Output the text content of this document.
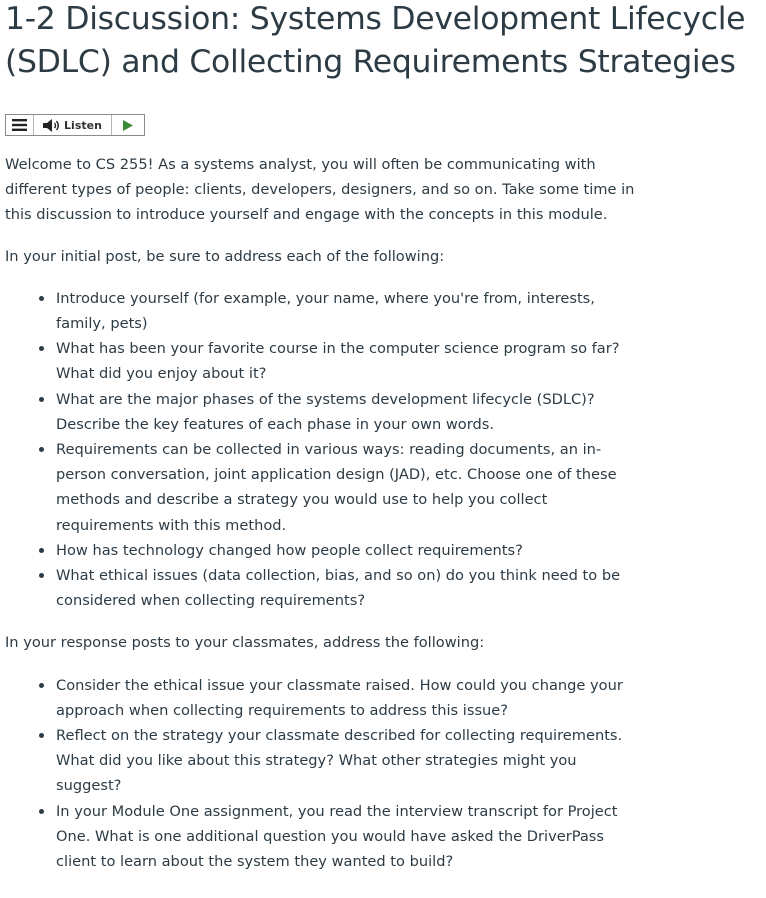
1-2 Discussion: Systems Development Lifecycle (SDLC) and Collecting Requirements Strategies
Listen

Welcome to CS 255! As a systems analyst, you will often be communicating with different types of people: clients, developers, designers, and so on. Take some time in this discussion to introduce yourself and engage with the concepts in this module.

In your initial post, be sure to address each of the following:

Introduce yourself (for example, your name, where you're from, interests, family, pets)
What has been your favorite course in the computer science program so far? What did you enjoy about it?
What are the major phases of the systems development lifecycle (SDLC)? Describe the key features of each phase in your own words.
Requirements can be collected in various ways: reading documents, an in-person conversation, joint application design (JAD), etc. Choose one of these methods and describe a strategy you would use to help you collect requirements with this method.
How has technology changed how people collect requirements?
What ethical issues (data collection, bias, and so on) do you think need to be considered when collecting requirements?

In your response posts to your classmates, address the following:

Consider the ethical issue your classmate raised. How could you change your approach when collecting requirements to address this issue?
Reflect on the strategy your classmate described for collecting requirements. What did you like about this strategy? What other strategies might you suggest?
In your Module One assignment, you read the interview transcript for Project One. What is one additional question you would have asked the DriverPass client to learn about the system they wanted to build?
